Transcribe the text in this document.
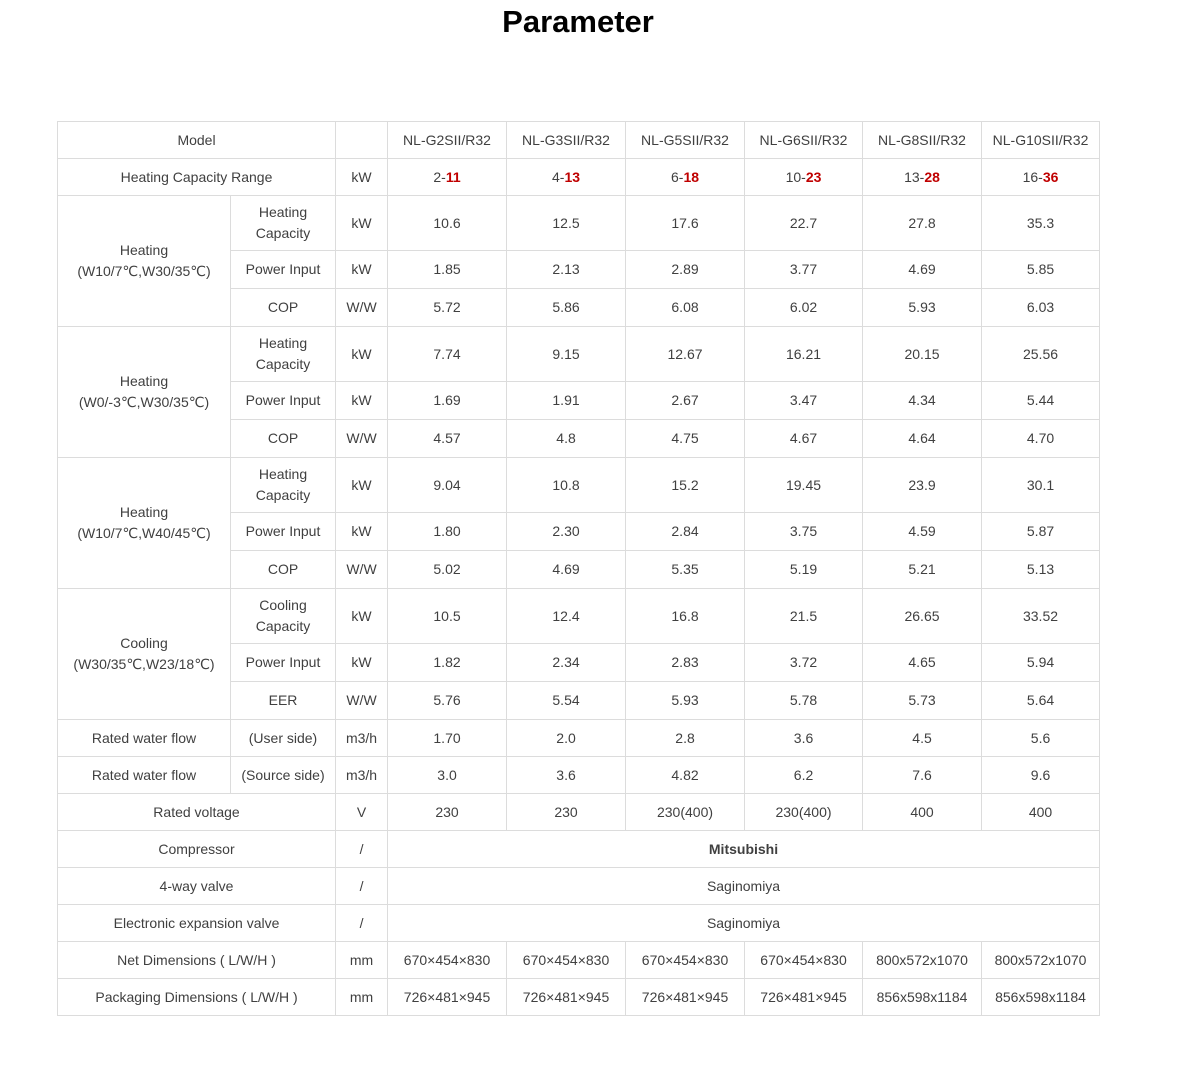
Parameter
Model			NL-G2SII/R32	NL-G3SII/R32	NL-G5SII/R32	NL-G6SII/R32	NL-G8SII/R32	NL-G10SII/R32
Heating Capacity Range		kW	2-11	4-13	6-18	10-23	13-28	16-36

Heating
(W10/7℃,W30/35℃)	Heating Capacity	kW	10.6	12.5	17.6	22.7	27.8	35.3
	Power Input	kW	1.85	2.13	2.89	3.77	4.69	5.85
	COP	W/W	5.72	5.86	6.08	6.02	5.93	6.03

Heating
(W0/-3℃,W30/35℃)	Heating Capacity	kW	7.74	9.15	12.67	16.21	20.15	25.56
	Power Input	kW	1.69	1.91	2.67	3.47	4.34	5.44
	COP	W/W	4.57	4.8	4.75	4.67	4.64	4.70

Heating
(W10/7℃,W40/45℃)	Heating Capacity	kW	9.04	10.8	15.2	19.45	23.9	30.1
	Power Input	kW	1.80	2.30	2.84	3.75	4.59	5.87
	COP	W/W	5.02	4.69	5.35	5.19	5.21	5.13

Cooling
(W30/35℃,W23/18℃)	Cooling Capacity	kW	10.5	12.4	16.8	21.5	26.65	33.52
	Power Input	kW	1.82	2.34	2.83	3.72	4.65	5.94
	EER	W/W	5.76	5.54	5.93	5.78	5.73	5.64
Rated water flow	(User side)	m3/h	1.70	2.0	2.8	3.6	4.5	5.6
Rated water flow	(Source side)	m3/h	3.0	3.6	4.82	6.2	7.6	9.6
Rated voltage		V	230	230	230(400)	230(400)	400	400
Compressor		/	Mitsubishi					
4-way valve		/	Saginomiya					
Electronic expansion valve		/	Saginomiya					
Net Dimensions ( L/W/H )		mm	670×454×830	670×454×830	670×454×830	670×454×830	800x572x1070	800x572x1070
Packaging Dimensions ( L/W/H )		mm	726×481×945	726×481×945	726×481×945	726×481×945	856x598x1184	856x598x1184
